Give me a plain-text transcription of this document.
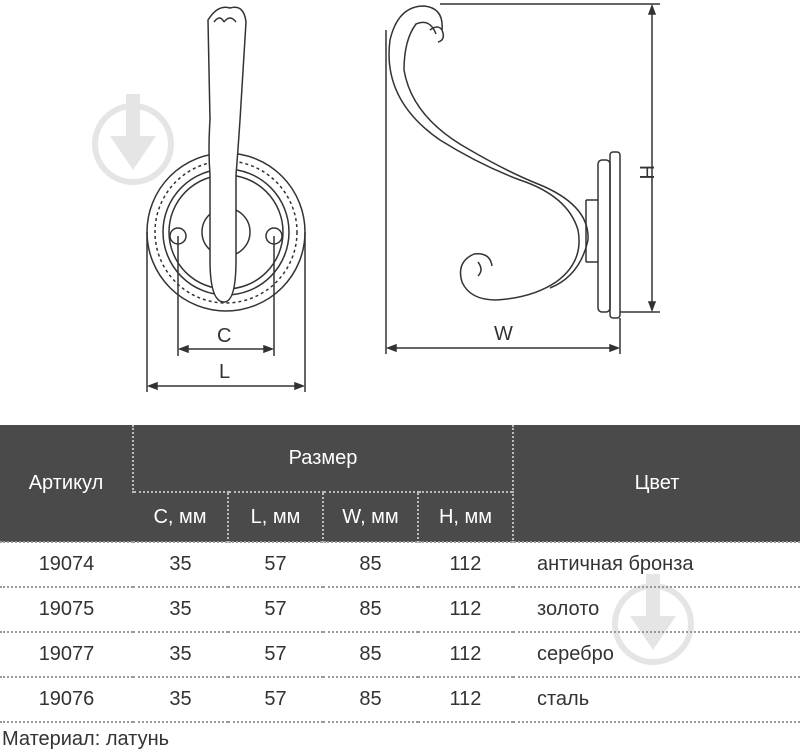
C
L
W
H
Артикул	Размер				Цвет
	C, мм	L, мм	W, мм	H, мм	
19074	35	57	85	112	античная бронза
19075	35	57	85	112	золото
19077	35	57	85	112	серебро
19076	35	57	85	112	сталь
Материал: латунь
